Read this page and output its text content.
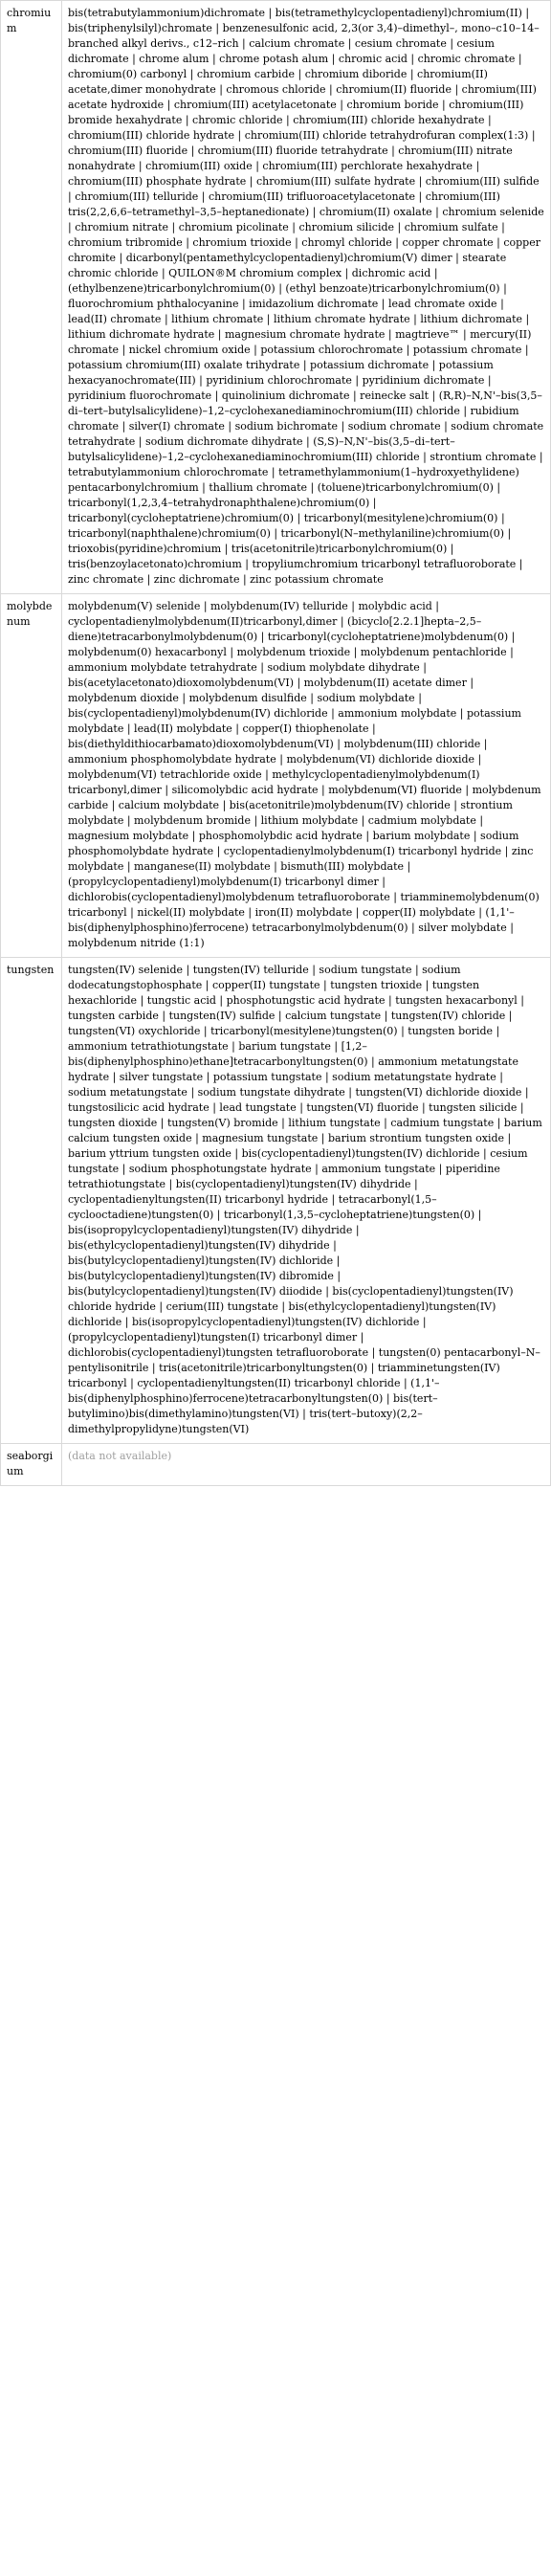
chromium	bis(tetrabutylammonium)dichromate | bis(tetramethylcyclopentadienyl)chromium(II) | bis(triphenylsilyl)chromate | benzenesulfonic acid, 2,3(or 3,4)–dimethyl–, mono–c10–14–branched alkyl derivs., c12–rich | calcium chromate | cesium chromate | cesium dichromate | chrome alum | chrome potash alum | chromic acid | chromic chromate | chromium(0) carbonyl | chromium carbide | chromium diboride | chromium(II) acetate,dimer monohydrate | chromous chloride | chromium(II) fluoride | chromium(III) acetate hydroxide | chromium(III) acetylacetonate | chromium boride | chromium(III) bromide hexahydrate | chromic chloride | chromium(III) chloride hexahydrate | chromium(III) chloride hydrate | chromium(III) chloride tetrahydrofuran complex(1:3) | chromium(III) fluoride | chromium(III) fluoride tetrahydrate | chromium(III) nitrate nonahydrate | chromium(III) oxide | chromium(III) perchlorate hexahydrate | chromium(III) phosphate hydrate | chromium(III) sulfate hydrate | chromium(III) sulfide | chromium(III) telluride | chromium(III) trifluoroacetylacetonate | chromium(III) tris(2,2,6,6–tetramethyl–3,5–heptanedionate) | chromium(II) oxalate | chromium selenide | chromium nitrate | chromium picolinate | chromium silicide | chromium sulfate | chromium tribromide | chromium trioxide | chromyl chloride | copper chromate | copper chromite | dicarbonyl(pentamethylcyclopentadienyl)chromium(V) dimer | stearate chromic chloride | QUILON®M chromium complex | dichromic acid | (ethylbenzene)tricarbonylchromium(0) | (ethyl benzoate)tricarbonylchromium(0) | fluorochromium phthalocyanine | imidazolium dichromate | lead chromate oxide | lead(II) chromate | lithium chromate | lithium chromate hydrate | lithium dichromate | lithium dichromate hydrate | magnesium chromate hydrate | magtrieve™ | mercury(II) chromate | nickel chromium oxide | potassium chlorochromate | potassium chromate | potassium chromium(III) oxalate trihydrate | potassium dichromate | potassium hexacyanochromate(III) | pyridinium chlorochromate | pyridinium dichromate | pyridinium fluorochromate | quinolinium dichromate | reinecke salt | (R,R)–N,N'–bis(3,5–di–tert–butylsalicylidene)–1,2–cyclohexanediaminochromium(III) chloride | rubidium chromate | silver(I) chromate | sodium bichromate | sodium chromate | sodium chromate tetrahydrate | sodium dichromate dihydrate | (S,S)–N,N'–bis(3,5–di–tert–butylsalicylidene)–1,2–cyclohexanediaminochromium(III) chloride | strontium chromate | tetrabutylammonium chlorochromate | tetramethylammonium(1–hydroxyethylidene) pentacarbonylchromium | thallium chromate | (toluene)tricarbonylchromium(0) | tricarbonyl(1,2,3,4–tetrahydronaphthalene)chromium(0) | tricarbonyl(cycloheptatriene)chromium(0) | tricarbonyl(mesitylene)chromium(0) | tricarbonyl(naphthalene)chromium(0) | tricarbonyl(N–methylaniline)chromium(0) | trioxobis(pyridine)chromium | tris(acetonitrile)tricarbonylchromium(0) | tris(benzoylacetonato)chromium | tropyliumchromium tricarbonyl tetrafluoroborate | zinc chromate | zinc dichromate | zinc potassium chromate
molybdenum	molybdenum(V) selenide | molybdenum(IV) telluride | molybdic acid | cyclopentadienylmolybdenum(II)tricarbonyl,dimer | (bicyclo[2.2.1]hepta–2,5–diene)tetracarbonylmolybdenum(0) | tricarbonyl(cycloheptatriene)molybdenum(0) | molybdenum(0) hexacarbonyl | molybdenum trioxide | molybdenum pentachloride | ammonium molybdate tetrahydrate | sodium molybdate dihydrate | bis(acetylacetonato)dioxomolybdenum(VI) | molybdenum(II) acetate dimer | molybdenum dioxide | molybdenum disulfide | sodium molybdate | bis(cyclopentadienyl)molybdenum(IV) dichloride | ammonium molybdate | potassium molybdate | lead(II) molybdate | copper(I) thiophenolate | bis(diethyldithiocarbamato)dioxomolybdenum(VI) | molybdenum(III) chloride | ammonium phosphomolybdate hydrate | molybdenum(VI) dichloride dioxide | molybdenum(VI) tetrachloride oxide | methylcyclopentadienylmolybdenum(I) tricarbonyl,dimer | silicomolybdic acid hydrate | molybdenum(VI) fluoride | molybdenum carbide | calcium molybdate | bis(acetonitrile)molybdenum(IV) chloride | strontium molybdate | molybdenum bromide | lithium molybdate | cadmium molybdate | magnesium molybdate | phosphomolybdic acid hydrate | barium molybdate | sodium phosphomolybdate hydrate | cyclopentadienylmolybdenum(I) tricarbonyl hydride | zinc molybdate | manganese(II) molybdate | bismuth(III) molybdate | (propylcyclopentadienyl)molybdenum(I) tricarbonyl dimer | dichlorobis(cyclopentadienyl)molybdenum tetrafluoroborate | triamminemolybdenum(0) tricarbonyl | nickel(II) molybdate | iron(II) molybdate | copper(II) molybdate | (1,1'–bis(diphenylphosphino)ferrocene) tetracarbonylmolybdenum(0) | silver molybdate | molybdenum nitride (1:1)
tungsten	tungsten(IV) selenide | tungsten(IV) telluride | sodium tungstate | sodium dodecatungstophosphate | copper(II) tungstate | tungsten trioxide | tungsten hexachloride | tungstic acid | phosphotungstic acid hydrate | tungsten hexacarbonyl | tungsten carbide | tungsten(IV) sulfide | calcium tungstate | tungsten(IV) chloride | tungsten(VI) oxychloride | tricarbonyl(mesitylene)tungsten(0) | tungsten boride | ammonium tetrathiotungstate | barium tungstate | [1,2–bis(diphenylphosphino)ethane]tetracarbonyltungsten(0) | ammonium metatungstate hydrate | silver tungstate | potassium tungstate | sodium metatungstate hydrate | sodium metatungstate | sodium tungstate dihydrate | tungsten(VI) dichloride dioxide | tungstosilicic acid hydrate | lead tungstate | tungsten(VI) fluoride | tungsten silicide | tungsten dioxide | tungsten(V) bromide | lithium tungstate | cadmium tungstate | barium calcium tungsten oxide | magnesium tungstate | barium strontium tungsten oxide | barium yttrium tungsten oxide | bis(cyclopentadienyl)tungsten(IV) dichloride | cesium tungstate | sodium phosphotungstate hydrate | ammonium tungstate | piperidine tetrathiotungstate | bis(cyclopentadienyl)tungsten(IV) dihydride | cyclopentadienyltungsten(II) tricarbonyl hydride | tetracarbonyl(1,5–cyclooctadiene)tungsten(0) | tricarbonyl(1,3,5–cycloheptatriene)tungsten(0) | bis(isopropylcyclopentadienyl)tungsten(IV) dihydride | bis(ethylcyclopentadienyl)tungsten(IV) dihydride | bis(butylcyclopentadienyl)tungsten(IV) dichloride | bis(butylcyclopentadienyl)tungsten(IV) dibromide | bis(butylcyclopentadienyl)tungsten(IV) diiodide | bis(cyclopentadienyl)tungsten(IV) chloride hydride | cerium(III) tungstate | bis(ethylcyclopentadienyl)tungsten(IV) dichloride | bis(isopropylcyclopentadienyl)tungsten(IV) dichloride | (propylcyclopentadienyl)tungsten(I) tricarbonyl dimer | dichlorobis(cyclopentadienyl)tungsten tetrafluoroborate | tungsten(0) pentacarbonyl–N–pentylisonitrile | tris(acetonitrile)tricarbonyltungsten(0) | triamminetungsten(IV) tricarbonyl | cyclopentadienyltungsten(II) tricarbonyl chloride | (1,1'–bis(diphenylphosphino)ferrocene)tetracarbonyltungsten(0) | bis(tert–butylimino)bis(dimethylamino)tungsten(VI) | tris(tert–butoxy)(2,2–dimethylpropylidyne)tungsten(VI)
seaborgium	(data not available)
